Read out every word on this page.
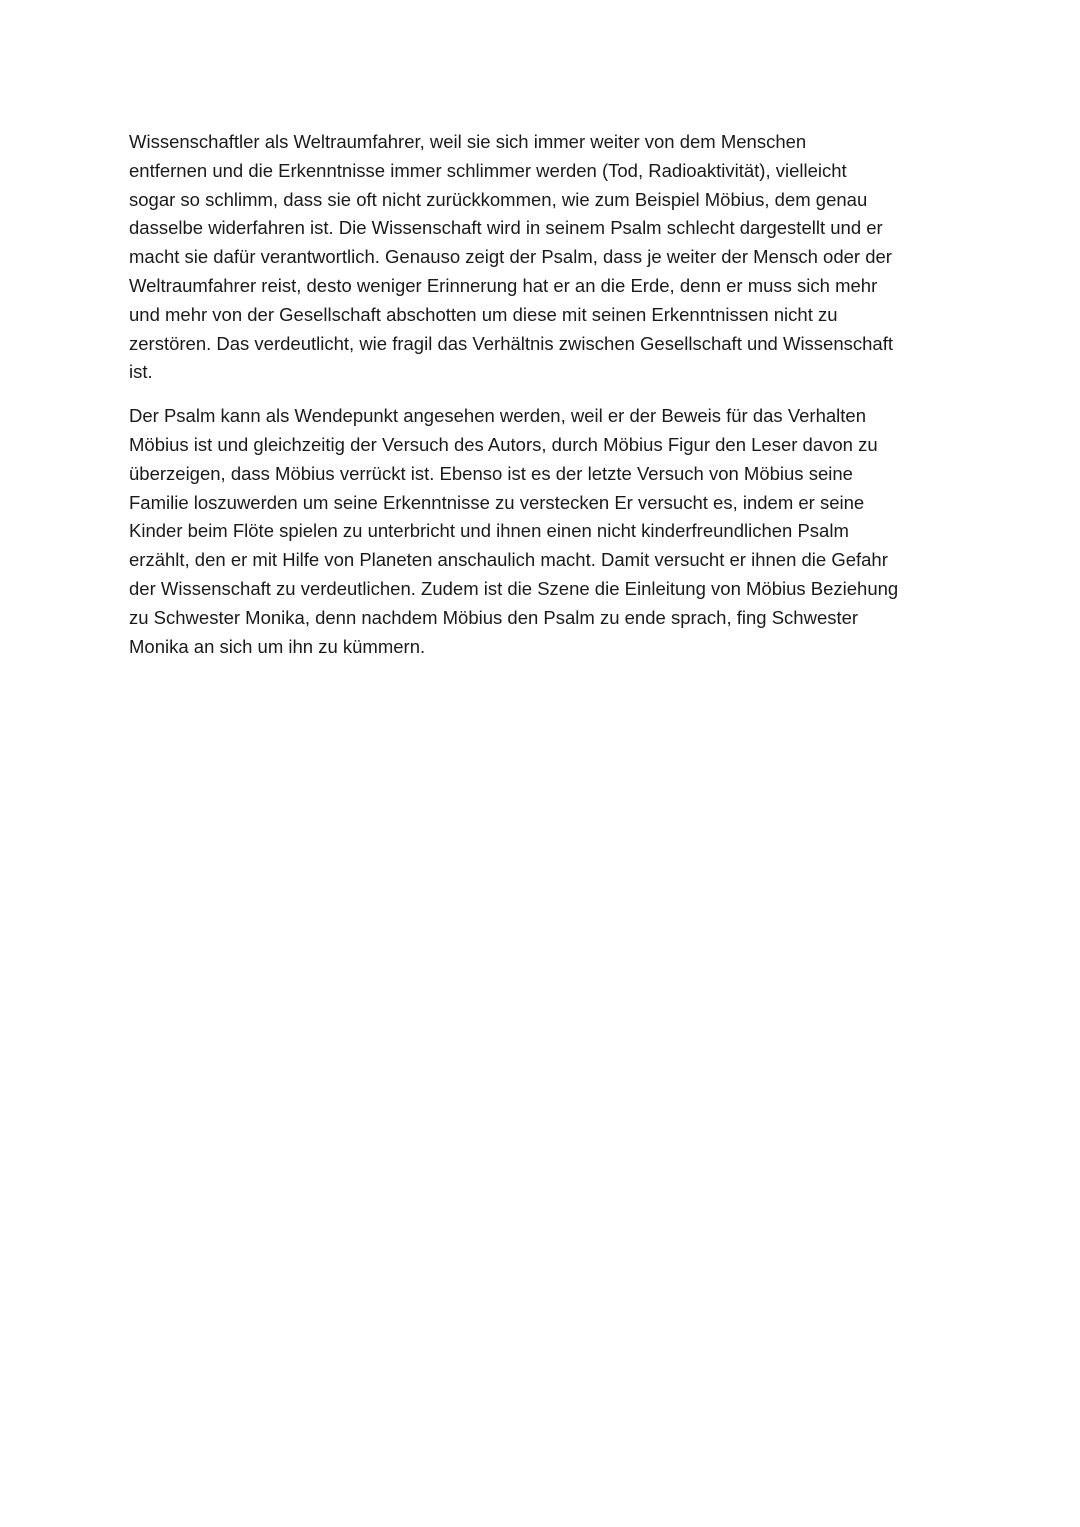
Wissenschaftler als Weltraumfahrer, weil sie sich immer weiter von dem Menschen
entfernen und die Erkenntnisse immer schlimmer werden (Tod, Radioaktivität), vielleicht
sogar so schlimm, dass sie oft nicht zurückkommen, wie zum Beispiel Möbius, dem genau
dasselbe widerfahren ist. Die Wissenschaft wird in seinem Psalm schlecht dargestellt und er
macht sie dafür verantwortlich. Genauso zeigt der Psalm, dass je weiter der Mensch oder der
Weltraumfahrer reist, desto weniger Erinnerung hat er an die Erde, denn er muss sich mehr
und mehr von der Gesellschaft abschotten um diese mit seinen Erkenntnissen nicht zu
zerstören. Das verdeutlicht, wie fragil das Verhältnis zwischen Gesellschaft und Wissenschaft
ist.

Der Psalm kann als Wendepunkt angesehen werden, weil er der Beweis für das Verhalten
Möbius ist und gleichzeitig der Versuch des Autors, durch Möbius Figur den Leser davon zu
überzeigen, dass Möbius verrückt ist. Ebenso ist es der letzte Versuch von Möbius seine
Familie loszuwerden um seine Erkenntnisse zu verstecken Er versucht es, indem er seine
Kinder beim Flöte spielen zu unterbricht und ihnen einen nicht kinderfreundlichen Psalm
erzählt, den er mit Hilfe von Planeten anschaulich macht. Damit versucht er ihnen die Gefahr
der Wissenschaft zu verdeutlichen. Zudem ist die Szene die Einleitung von Möbius Beziehung
zu Schwester Monika, denn nachdem Möbius den Psalm zu ende sprach, fing Schwester
Monika an sich um ihn zu kümmern.
